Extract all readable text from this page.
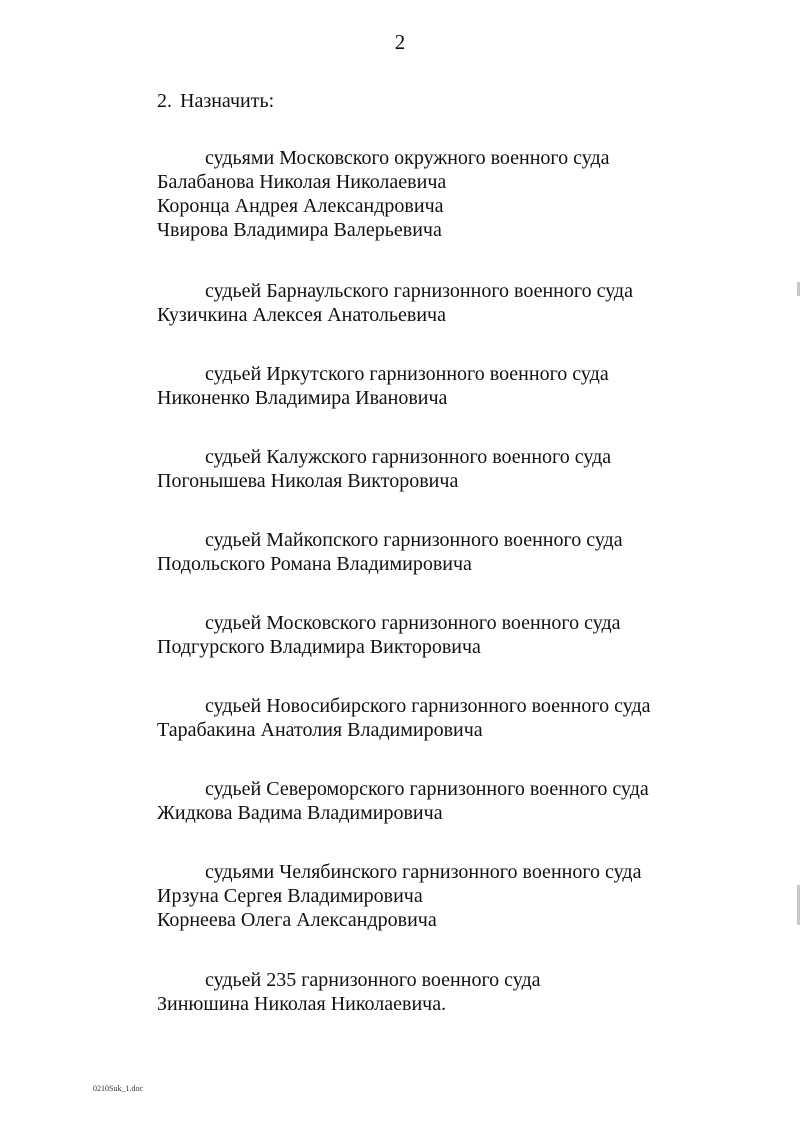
2
2. Назначить:
судьями Московского окружного военного суда
Балабанова Николая Николаевича
Коронца Андрея Александровича
Чвирова Владимира Валерьевича
судьей Барнаульского гарнизонного военного суда
Кузичкина Алексея Анатольевича
судьей Иркутского гарнизонного военного суда
Никоненко Владимира Ивановича
судьей Калужского гарнизонного военного суда
Погонышева Николая Викторовича
судьей Майкопского гарнизонного военного суда
Подольского Романа Владимировича
судьей Московского гарнизонного военного суда
Подгурского Владимира Викторовича
судьей Новосибирского гарнизонного военного суда
Тарабакина Анатолия Владимировича
судьей Североморского гарнизонного военного суда
Жидкова Вадима Владимировича
судьями Челябинского гарнизонного военного суда
Ирзуна Сергея Владимировича
Корнеева Олега Александровича
судьей 235 гарнизонного военного суда
Зинюшина Николая Николаевича.
0210Suk_1.doc
